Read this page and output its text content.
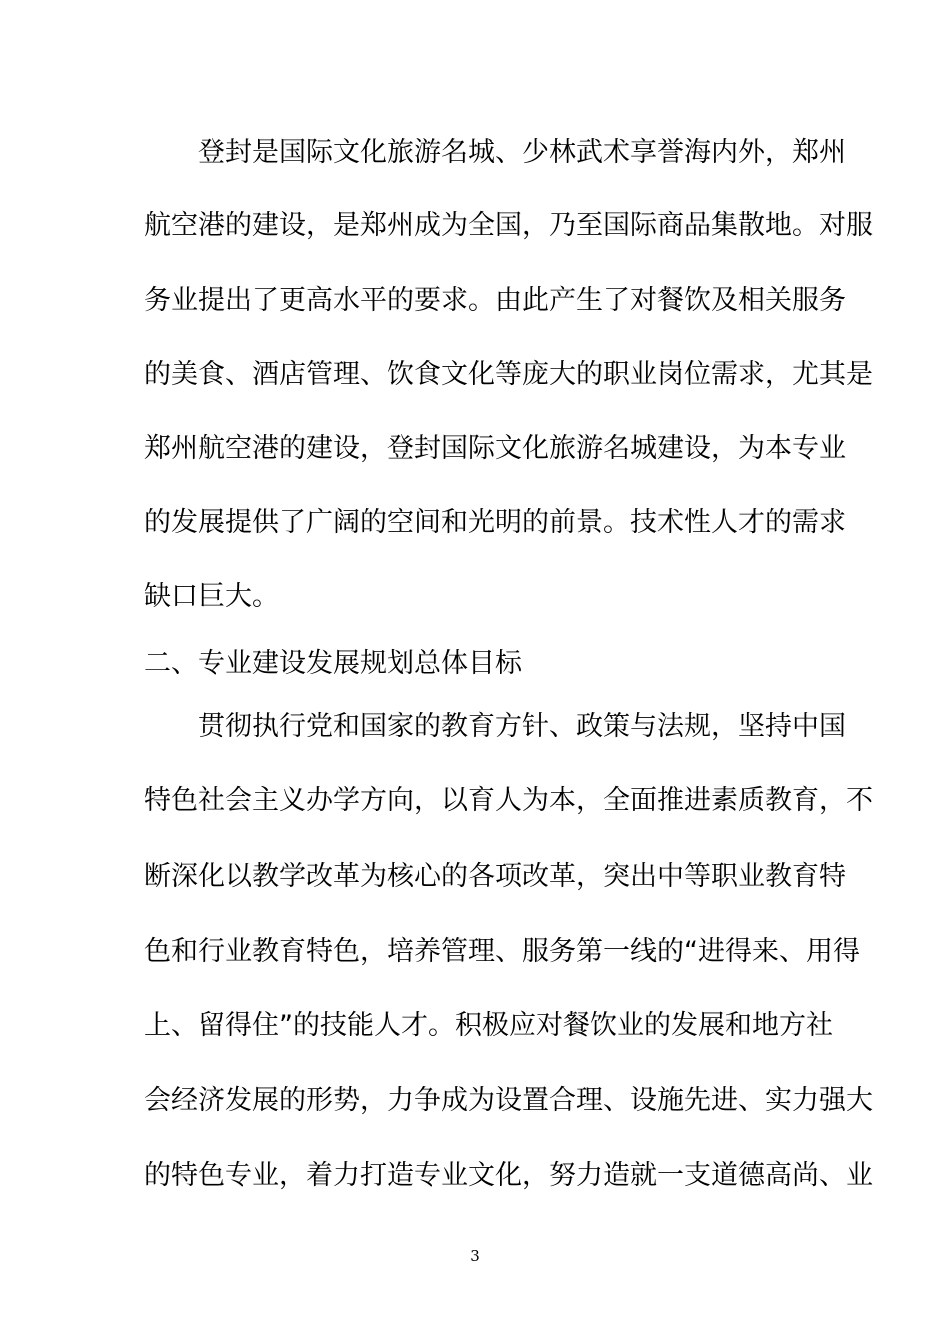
登封是国际文化旅游名城、少林武术享誉海内外，郑州
航空港的建设，是郑州成为全国，乃至国际商品集散地。对服
务业提出了更高水平的要求。由此产生了对餐饮及相关服务
的美食、酒店管理、饮食文化等庞大的职业岗位需求，尤其是
郑州航空港的建设，登封国际文化旅游名城建设，为本专业
的发展提供了广阔的空间和光明的前景。技术性人才的需求
缺口巨大。
二、专业建设发展规划总体目标
贯彻执行党和国家的教育方针、政策与法规，坚持中国
特色社会主义办学方向，以育人为本，全面推进素质教育，不
断深化以教学改革为核心的各项改革，突出中等职业教育特
色和行业教育特色，培养管理、服务第一线的“进得来、用得
上、留得住”的技能人才。积极应对餐饮业的发展和地方社
会经济发展的形势，力争成为设置合理、设施先进、实力强大
的特色专业，着力打造专业文化，努力造就一支道德高尚、业
3
